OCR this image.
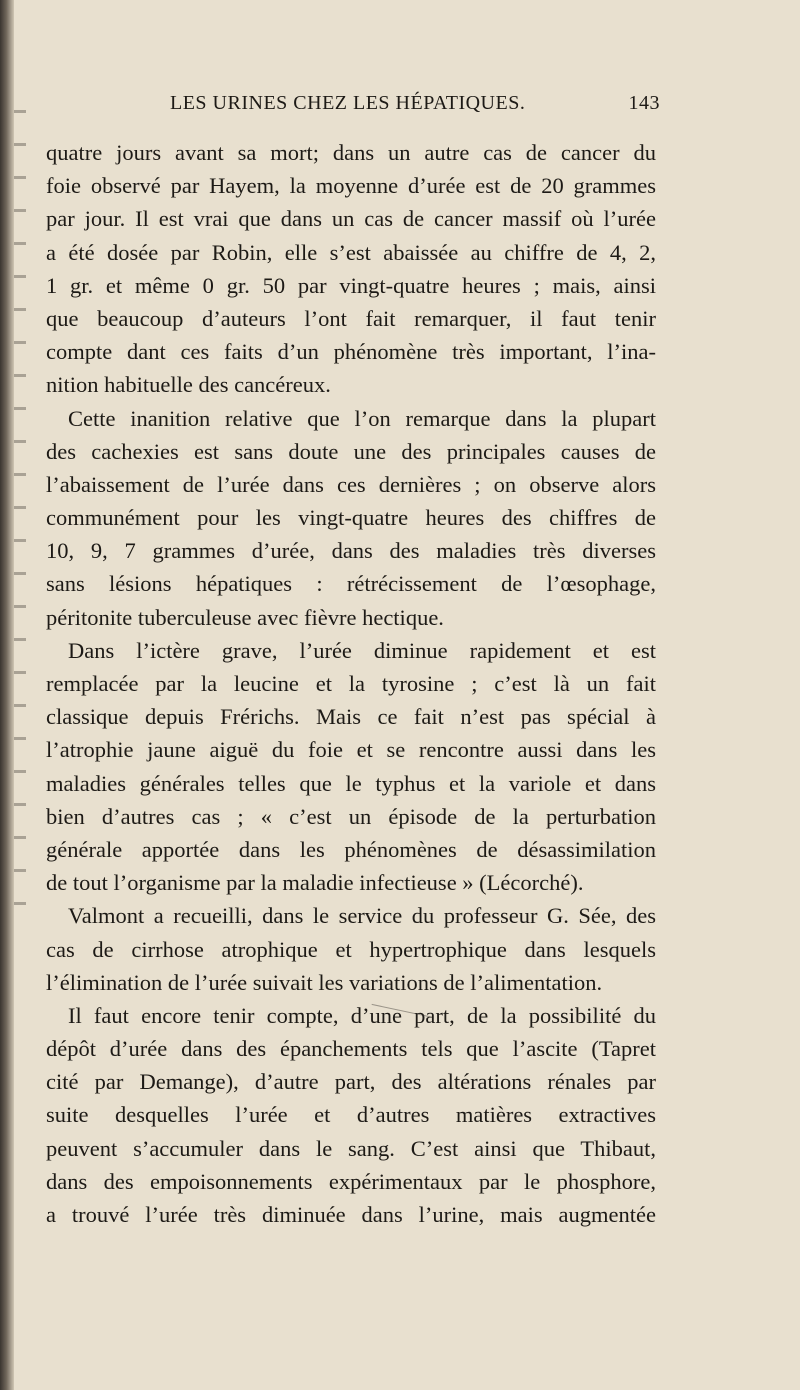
LES URINES CHEZ LES HÉPATIQUES.	143
quatre jours avant sa mort; dans un autre cas de cancer du
foie observé par Hayem, la moyenne d’urée est de 20 grammes
par jour. Il est vrai que dans un cas de cancer massif où l’urée
a été dosée par Robin, elle s’est abaissée au chiffre de 4, 2,
1 gr. et même 0 gr. 50 par vingt-quatre heures ; mais, ainsi
que beaucoup d’auteurs l’ont fait remarquer, il faut tenir
compte dant ces faits d’un phénomène très important, l’ina-
nition habituelle des cancéreux.
Cette inanition relative que l’on remarque dans la plupart
des cachexies est sans doute une des principales causes de
l’abaissement de l’urée dans ces dernières ; on observe alors
communément pour les vingt-quatre heures des chiffres de
10, 9, 7 grammes d’urée, dans des maladies très diverses
sans lésions hépatiques : rétrécissement de l’œsophage,
péritonite tuberculeuse avec fièvre hectique.
Dans l’ictère grave, l’urée diminue rapidement et est
remplacée par la leucine et la tyrosine ; c’est là un fait
classique depuis Frérichs. Mais ce fait n’est pas spécial à
l’atrophie jaune aiguë du foie et se rencontre aussi dans les
maladies générales telles que le typhus et la variole et dans
bien d’autres cas ; « c’est un épisode de la perturbation
générale apportée dans les phénomènes de désassimilation
de tout l’organisme par la maladie infectieuse » (Lécorché).
Valmont a recueilli, dans le service du professeur G. Sée, des
cas de cirrhose atrophique et hypertrophique dans lesquels
l’élimination de l’urée suivait les variations de l’alimentation.
Il faut encore tenir compte, d’une part, de la possibilité du
dépôt d’urée dans des épanchements tels que l’ascite (Tapret
cité par Demange), d’autre part, des altérations rénales par
suite desquelles l’urée et d’autres matières extractives
peuvent s’accumuler dans le sang. C’est ainsi que Thibaut,
dans des empoisonnements expérimentaux par le phosphore,
a trouvé l’urée très diminuée dans l’urine, mais augmentée
